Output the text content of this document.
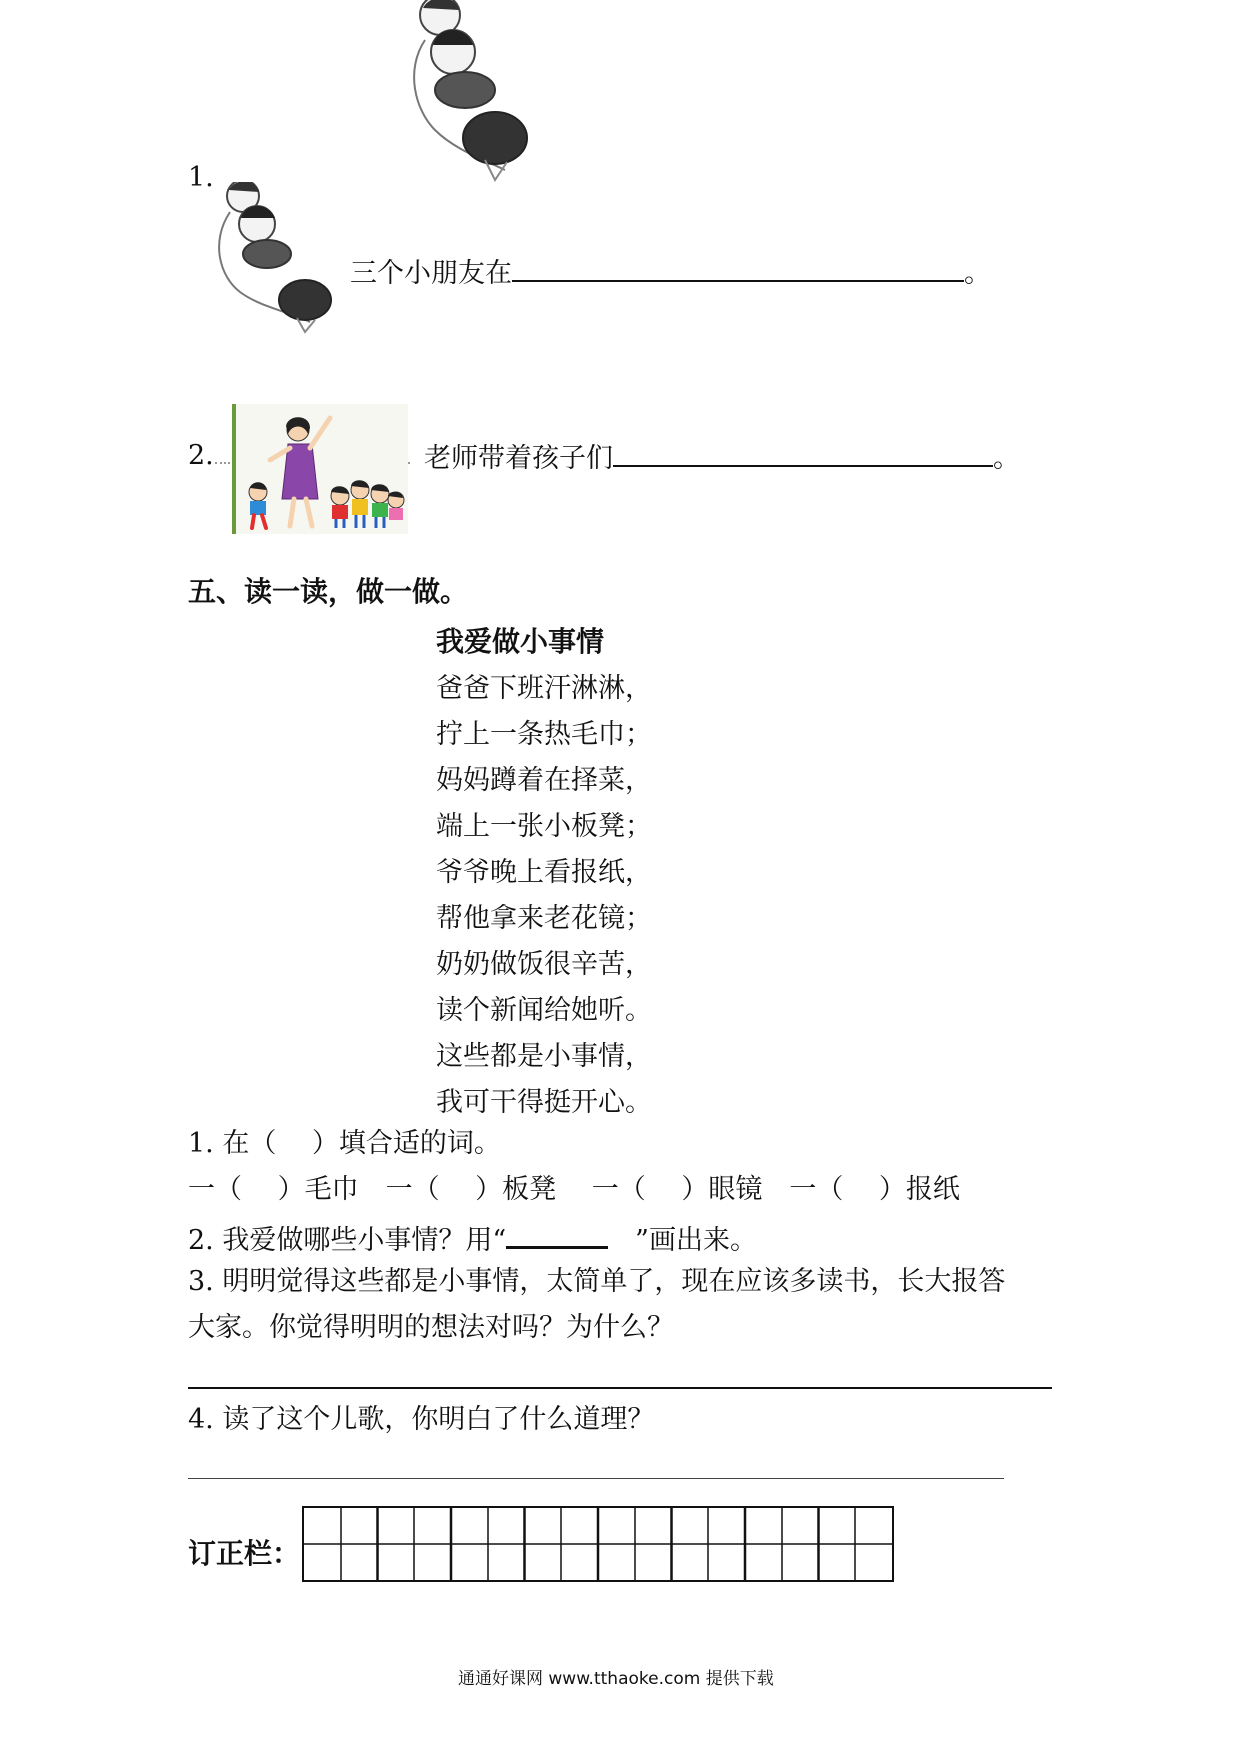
1.
三个小朋友在	。
2.	老师带着孩子们	。
五、读一读，做一做。
我爱做小事情
爸爸下班汗淋淋，
拧上一条热毛巾；
妈妈蹲着在择菜，
端上一张小板凳；
爷爷晚上看报纸，
帮他拿来老花镜；
奶奶做饭很辛苦，
读个新闻给她听。
这些都是小事情，
我可干得挺开心。
1. 在（　 ）填合适的词。
一（　 ）毛巾　一（　 ）板凳　 一（　 ）眼镜　一（　 ）报纸
2. 我爱做哪些小事情？用“	　”画出来。
3. 明明觉得这些都是小事情，太简单了，现在应该多读书，长大报答
大家。你觉得明明的想法对吗？为什么？
4. 读了这个儿歌，你明白了什么道理？
订正栏：
通通好课网 www.tthaoke.com 提供下载
